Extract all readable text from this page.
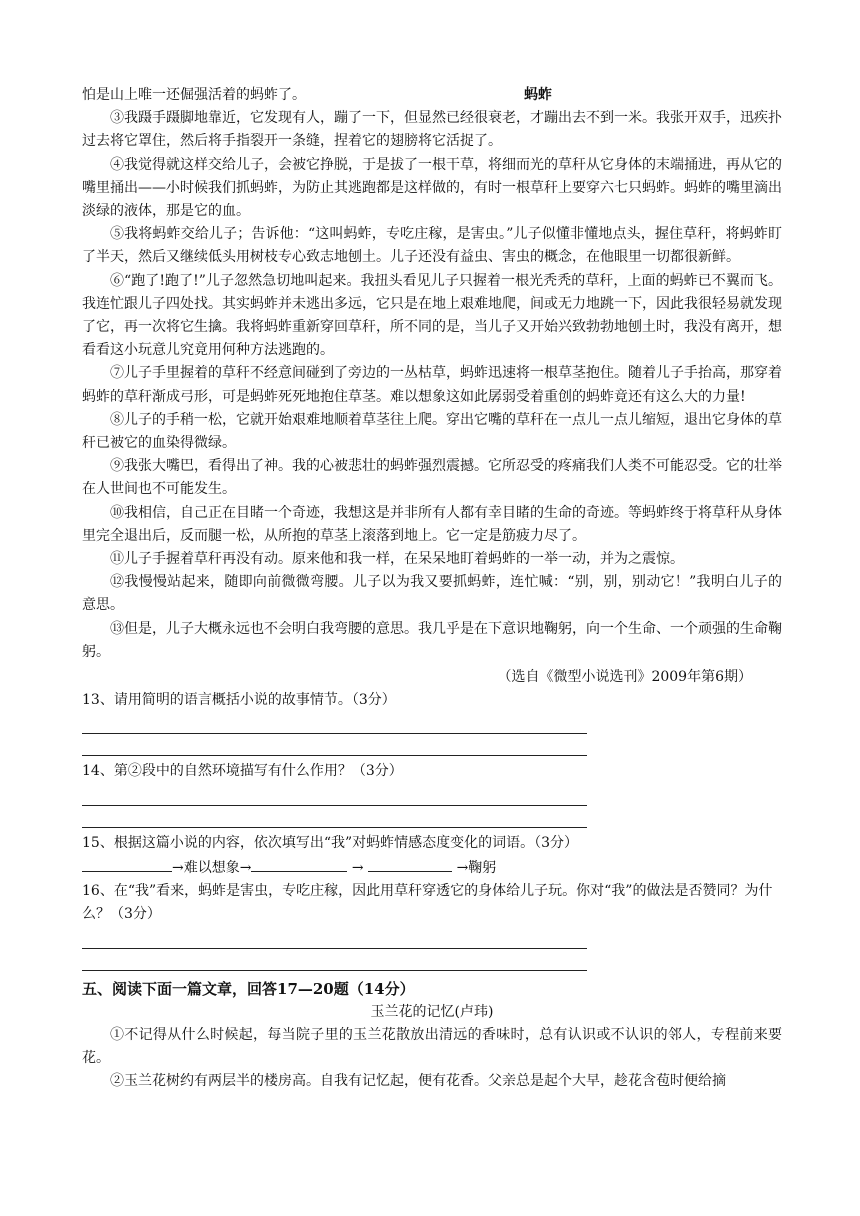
怕是山上唯一还倔强活着的蚂蚱了。	蚂蚱

③我蹑手蹑脚地靠近，它发现有人，蹦了一下，但显然已经很衰老，才蹦出去不到一米。我张开双手，迅疾扑过去将它罩住，然后将手指裂开一条缝，捏着它的翅膀将它活捉了。

④我觉得就这样交给儿子，会被它挣脱，于是拔了一根干草，将细而光的草秆从它身体的末端捅进，再从它的嘴里捅出——小时候我们抓蚂蚱，为防止其逃跑都是这样做的，有时一根草秆上要穿六七只蚂蚱。蚂蚱的嘴里滴出淡绿的液体，那是它的血。

⑤我将蚂蚱交给儿子；告诉他：“这叫蚂蚱，专吃庄稼，是害虫。”儿子似懂非懂地点头，握住草秆，将蚂蚱盯了半天，然后又继续低头用树枝专心致志地刨土。儿子还没有益虫、害虫的概念，在他眼里一切都很新鲜。

⑥“跑了!跑了!”儿子忽然急切地叫起来。我扭头看见儿子只握着一根光秃秃的草秆，上面的蚂蚱已不翼而飞。我连忙跟儿子四处找。其实蚂蚱并未逃出多远，它只是在地上艰难地爬，间或无力地跳一下，因此我很轻易就发现了它，再一次将它生擒。我将蚂蚱重新穿回草秆，所不同的是，当儿子又开始兴致勃勃地刨土时，我没有离开，想看看这小玩意儿究竟用何种方法逃跑的。

⑦儿子手里握着的草秆不经意间碰到了旁边的一丛枯草，蚂蚱迅速将一根草茎抱住。随着儿子手抬高，那穿着蚂蚱的草秆渐成弓形，可是蚂蚱死死地抱住草茎。难以想象这如此孱弱受着重创的蚂蚱竟还有这么大的力量!

⑧儿子的手稍一松，它就开始艰难地顺着草茎往上爬。穿出它嘴的草秆在一点儿一点儿缩短，退出它身体的草秆已被它的血染得微绿。

⑨我张大嘴巴，看得出了神。我的心被悲壮的蚂蚱强烈震撼。它所忍受的疼痛我们人类不可能忍受。它的壮举在人世间也不可能发生。

⑩我相信，自己正在目睹一个奇迹，我想这是并非所有人都有幸目睹的生命的奇迹。等蚂蚱终于将草秆从身体里完全退出后，反而腿一松，从所抱的草茎上滚落到地上。它一定是筋疲力尽了。

⑪儿子手握着草秆再没有动。原来他和我一样，在呆呆地盯着蚂蚱的一举一动，并为之震惊。

⑫我慢慢站起来，随即向前微微弯腰。儿子以为我又要抓蚂蚱，连忙喊：“别，别，别动它！”我明白儿子的意思。

⑬但是，儿子大概永远也不会明白我弯腰的意思。我几乎是在下意识地鞠躬，向一个生命、一个顽强的生命鞠躬。

（选自《微型小说选刊》2009年第6期）

13、请用简明的语言概括小说的故事情节。（3分）

14、第②段中的自然环境描写有什么作用？（3分）

15、根据这篇小说的内容，依次填写出“我”对蚂蚱情感态度变化的词语。（3分）

→难以想象→	→	→鞠躬

16、在“我”看来，蚂蚱是害虫，专吃庄稼，因此用草秆穿透它的身体给儿子玩。你对“我”的做法是否赞同？为什么？（3分）

五、阅读下面一篇文章，回答17—20题（14分）

玉兰花的记忆(卢玮)

①不记得从什么时候起，每当院子里的玉兰花散放出清远的香味时，总有认识或不认识的邻人，专程前来要花。

②玉兰花树约有两层半的楼房高。自我有记忆起，便有花香。父亲总是起个大早，趁花含苞时便给摘
